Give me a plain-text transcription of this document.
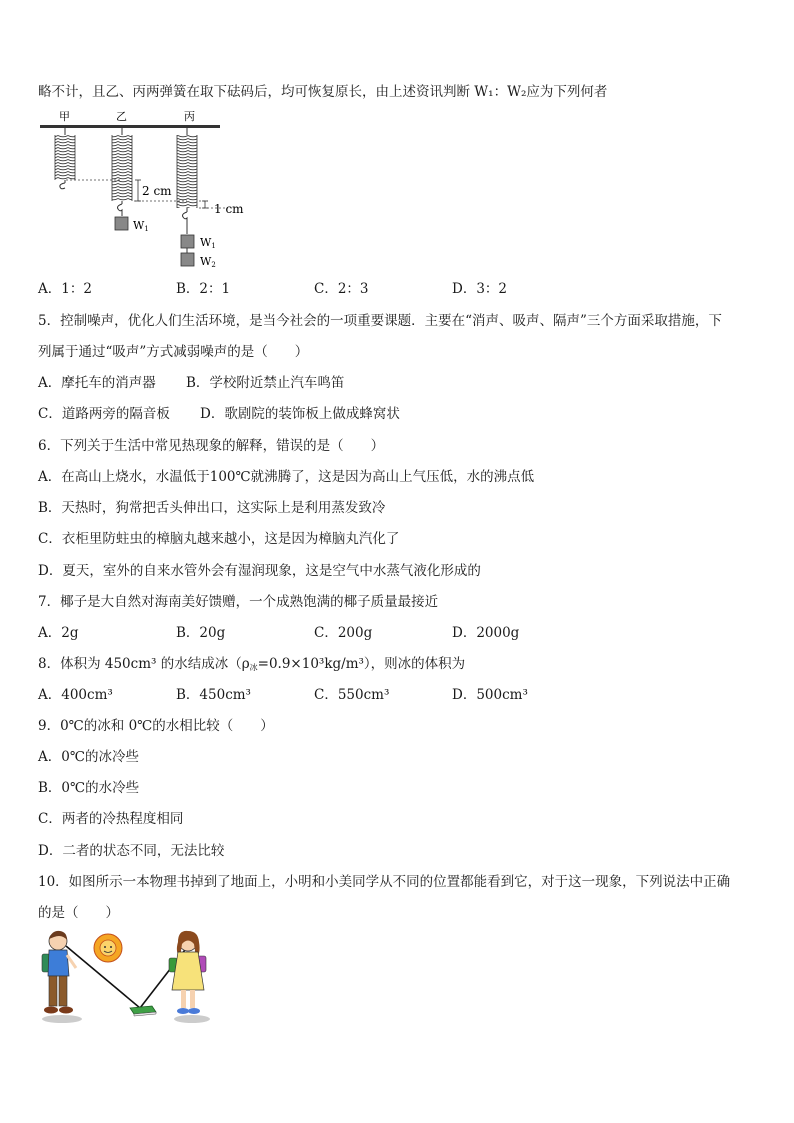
略不计，且乙、丙两弹簧在取下砝码后，均可恢复原长，由上述资讯判断 W₁：W₂应为下列何者
甲	乙	丙
W1
W1
W2
2 cm
1 cm
A．1：2	B．2：1	C．2：3	D．3：2
5．控制噪声，优化人们生活环境，是当今社会的一项重要课题．主要在“消声、吸声、隔声”三个方面采取措施，下
列属于通过“吸声”方式减弱噪声的是（　　）
A．摩托车的消声器 B．学校附近禁止汽车鸣笛
C．道路两旁的隔音板 D．歌剧院的装饰板上做成蜂窝状
6．下列关于生活中常见热现象的解释，错误的是（　　）
A．在高山上烧水，水温低于100℃就沸腾了，这是因为高山上气压低，水的沸点低
B．天热时，狗常把舌头伸出口，这实际上是利用蒸发致冷
C．衣柜里防蛀虫的樟脑丸越来越小，这是因为樟脑丸汽化了
D．夏天，室外的自来水管外会有湿润现象，这是空气中水蒸气液化形成的
7．椰子是大自然对海南美好馈赠，一个成熟饱满的椰子质量最接近
A．2g	B．20g	C．200g	D．2000g
8．体积为 450cm³ 的水结成冰$(\rho_冰=0.9\times 10^3kg/m^3)$，则冰的体积为
A．400cm³	B．450cm³	C．550cm³	D．500cm³
9．0℃的冰和 0℃的水相比较（　　）
A．0℃的冰冷些
B．0℃的水冷些
C．两者的冷热程度相同
D．二者的状态不同，无法比较
10．如图所示一本物理书掉到了地面上，小明和小美同学从不同的位置都能看到它，对于这一现象，下列说法中正确
的是（　　）
